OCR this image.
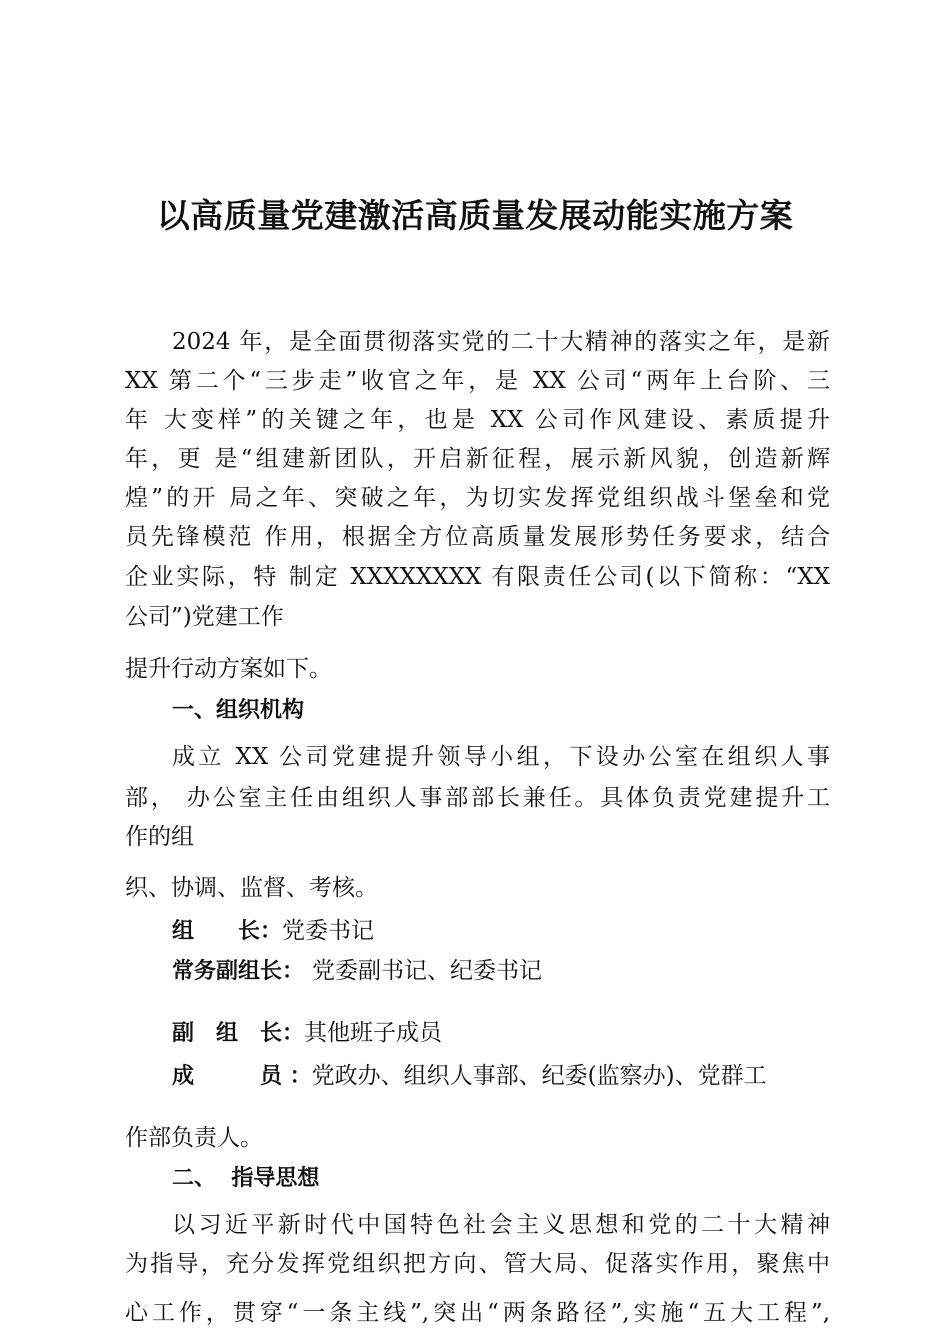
以高质量党建激活高质量发展动能实施方案

2024 年，是全面贯彻落实党的二十大精神的落实之年，是新

XX 第二个“三步走”收官之年，是 XX 公司“两年上台阶、三

年 大变样”的关键之年，也是 XX 公司作风建设、素质提升

年，更 是“组建新团队，开启新征程，展示新风貌，创造新辉

煌”的开 局之年、突破之年，为切实发挥党组织战斗堡垒和党

员先锋模范 作用，根据全方位高质量发展形势任务要求，结合

企业实际，特 制定 XXXXXXXX 有限责任公司(以下简称：“XX

公司”)党建工作

提升行动方案如下。

一、组织机构

成立 XX 公司党建提升领导小组，下设办公室在组织人事

部， 办公室主任由组织人事部部长兼任。具体负责党建提升工

作的组

织、协调、监督、考核。

组　　长：党委书记

常务副组长： 党委副书记、纪委书记

副　组　长：其他班子成员

成　　　员 ：党政办、组织人事部、纪委(监察办)、党群工

作部负责人。

二、  指导思想

以习近平新时代中国特色社会主义思想和党的二十大精神

为指导，充分发挥党组织把方向、管大局、促落实作用，聚焦中

心工作，贯穿“一条主线”,突出“两条路径”,实施“五大工程”,
